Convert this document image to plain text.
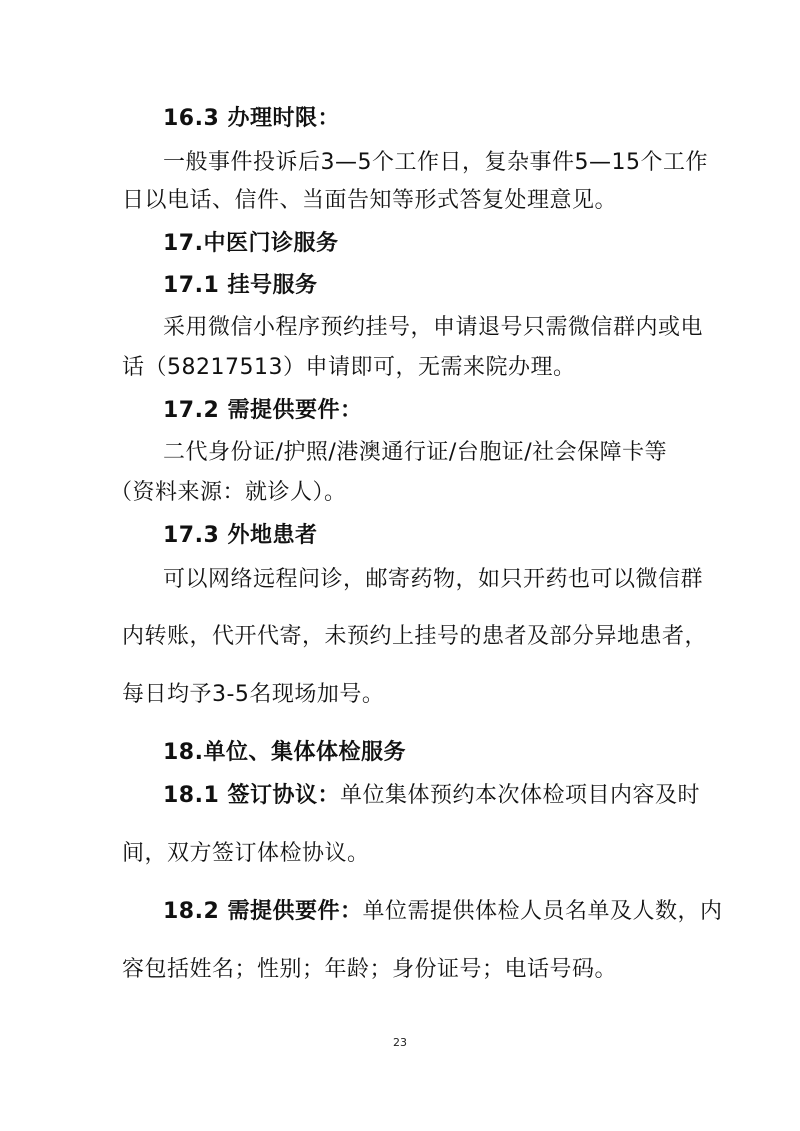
16.3 办理时限：
一般事件投诉后3—5个工作日，复杂事件5—15个工作
日以电话、信件、当面告知等形式答复处理意见。
17.中医门诊服务
17.1 挂号服务
采用微信小程序预约挂号，申请退号只需微信群内或电
话（58217513）申请即可，无需来院办理。
17.2 需提供要件：
二代身份证/护照/港澳通行证/台胞证/社会保障卡等
（资料来源：就诊人）。
17.3 外地患者
可以网络远程问诊，邮寄药物，如只开药也可以微信群
内转账，代开代寄，未预约上挂号的患者及部分异地患者，
每日均予3-5名现场加号。
18.单位、集体体检服务
18.1 签订协议：单位集体预约本次体检项目内容及时
间，双方签订体检协议。
18.2 需提供要件：单位需提供体检人员名单及人数，内
容包括姓名；性别；年龄；身份证号；电话号码。
23
